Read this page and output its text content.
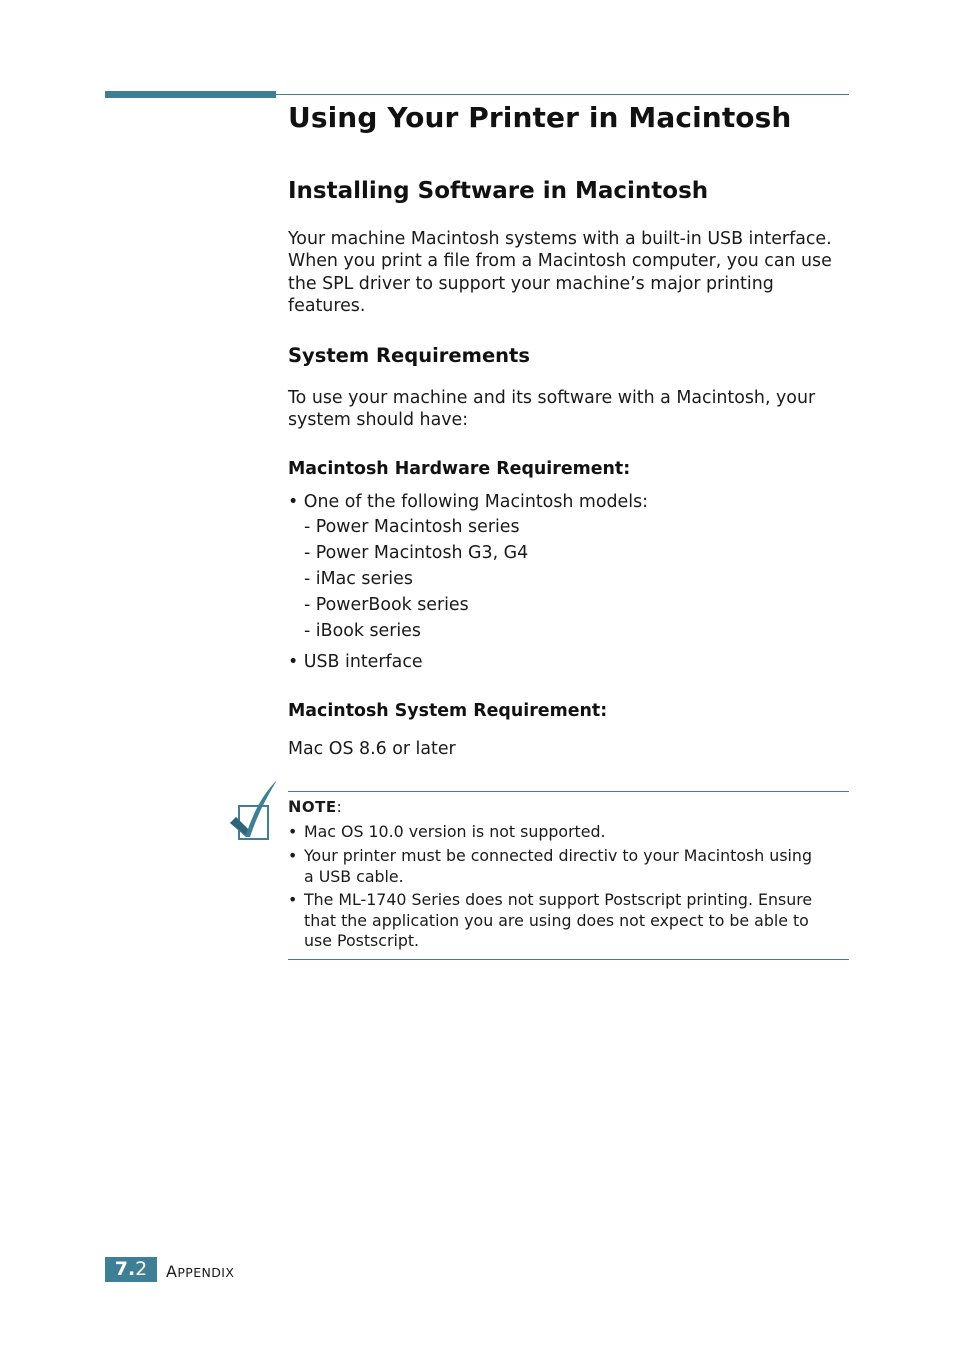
Using Your Printer in Macintosh
Installing Software in Macintosh

Your machine Macintosh systems with a built-in USB interface.
When you print a file from a Macintosh computer, you can use
the SPL driver to support your machine’s major printing
features.

System Requirements

To use your machine and its software with a Macintosh, your
system should have:

Macintosh Hardware Requirement:
• One of the following Macintosh models:
- Power Macintosh series
- Power Macintosh G3, G4
- iMac series
- PowerBook series
- iBook series
• USB interface
Macintosh System Requirement:
Mac OS 8.6 or later
NOTE:
• Mac OS 10.0 version is not supported.
• Your printer must be connected directiv to your Macintosh using
a USB cable.
• The ML-1740 Series does not support Postscript printing. Ensure
that the application you are using does not expect to be able to
use Postscript.
7.2	APPENDIX
